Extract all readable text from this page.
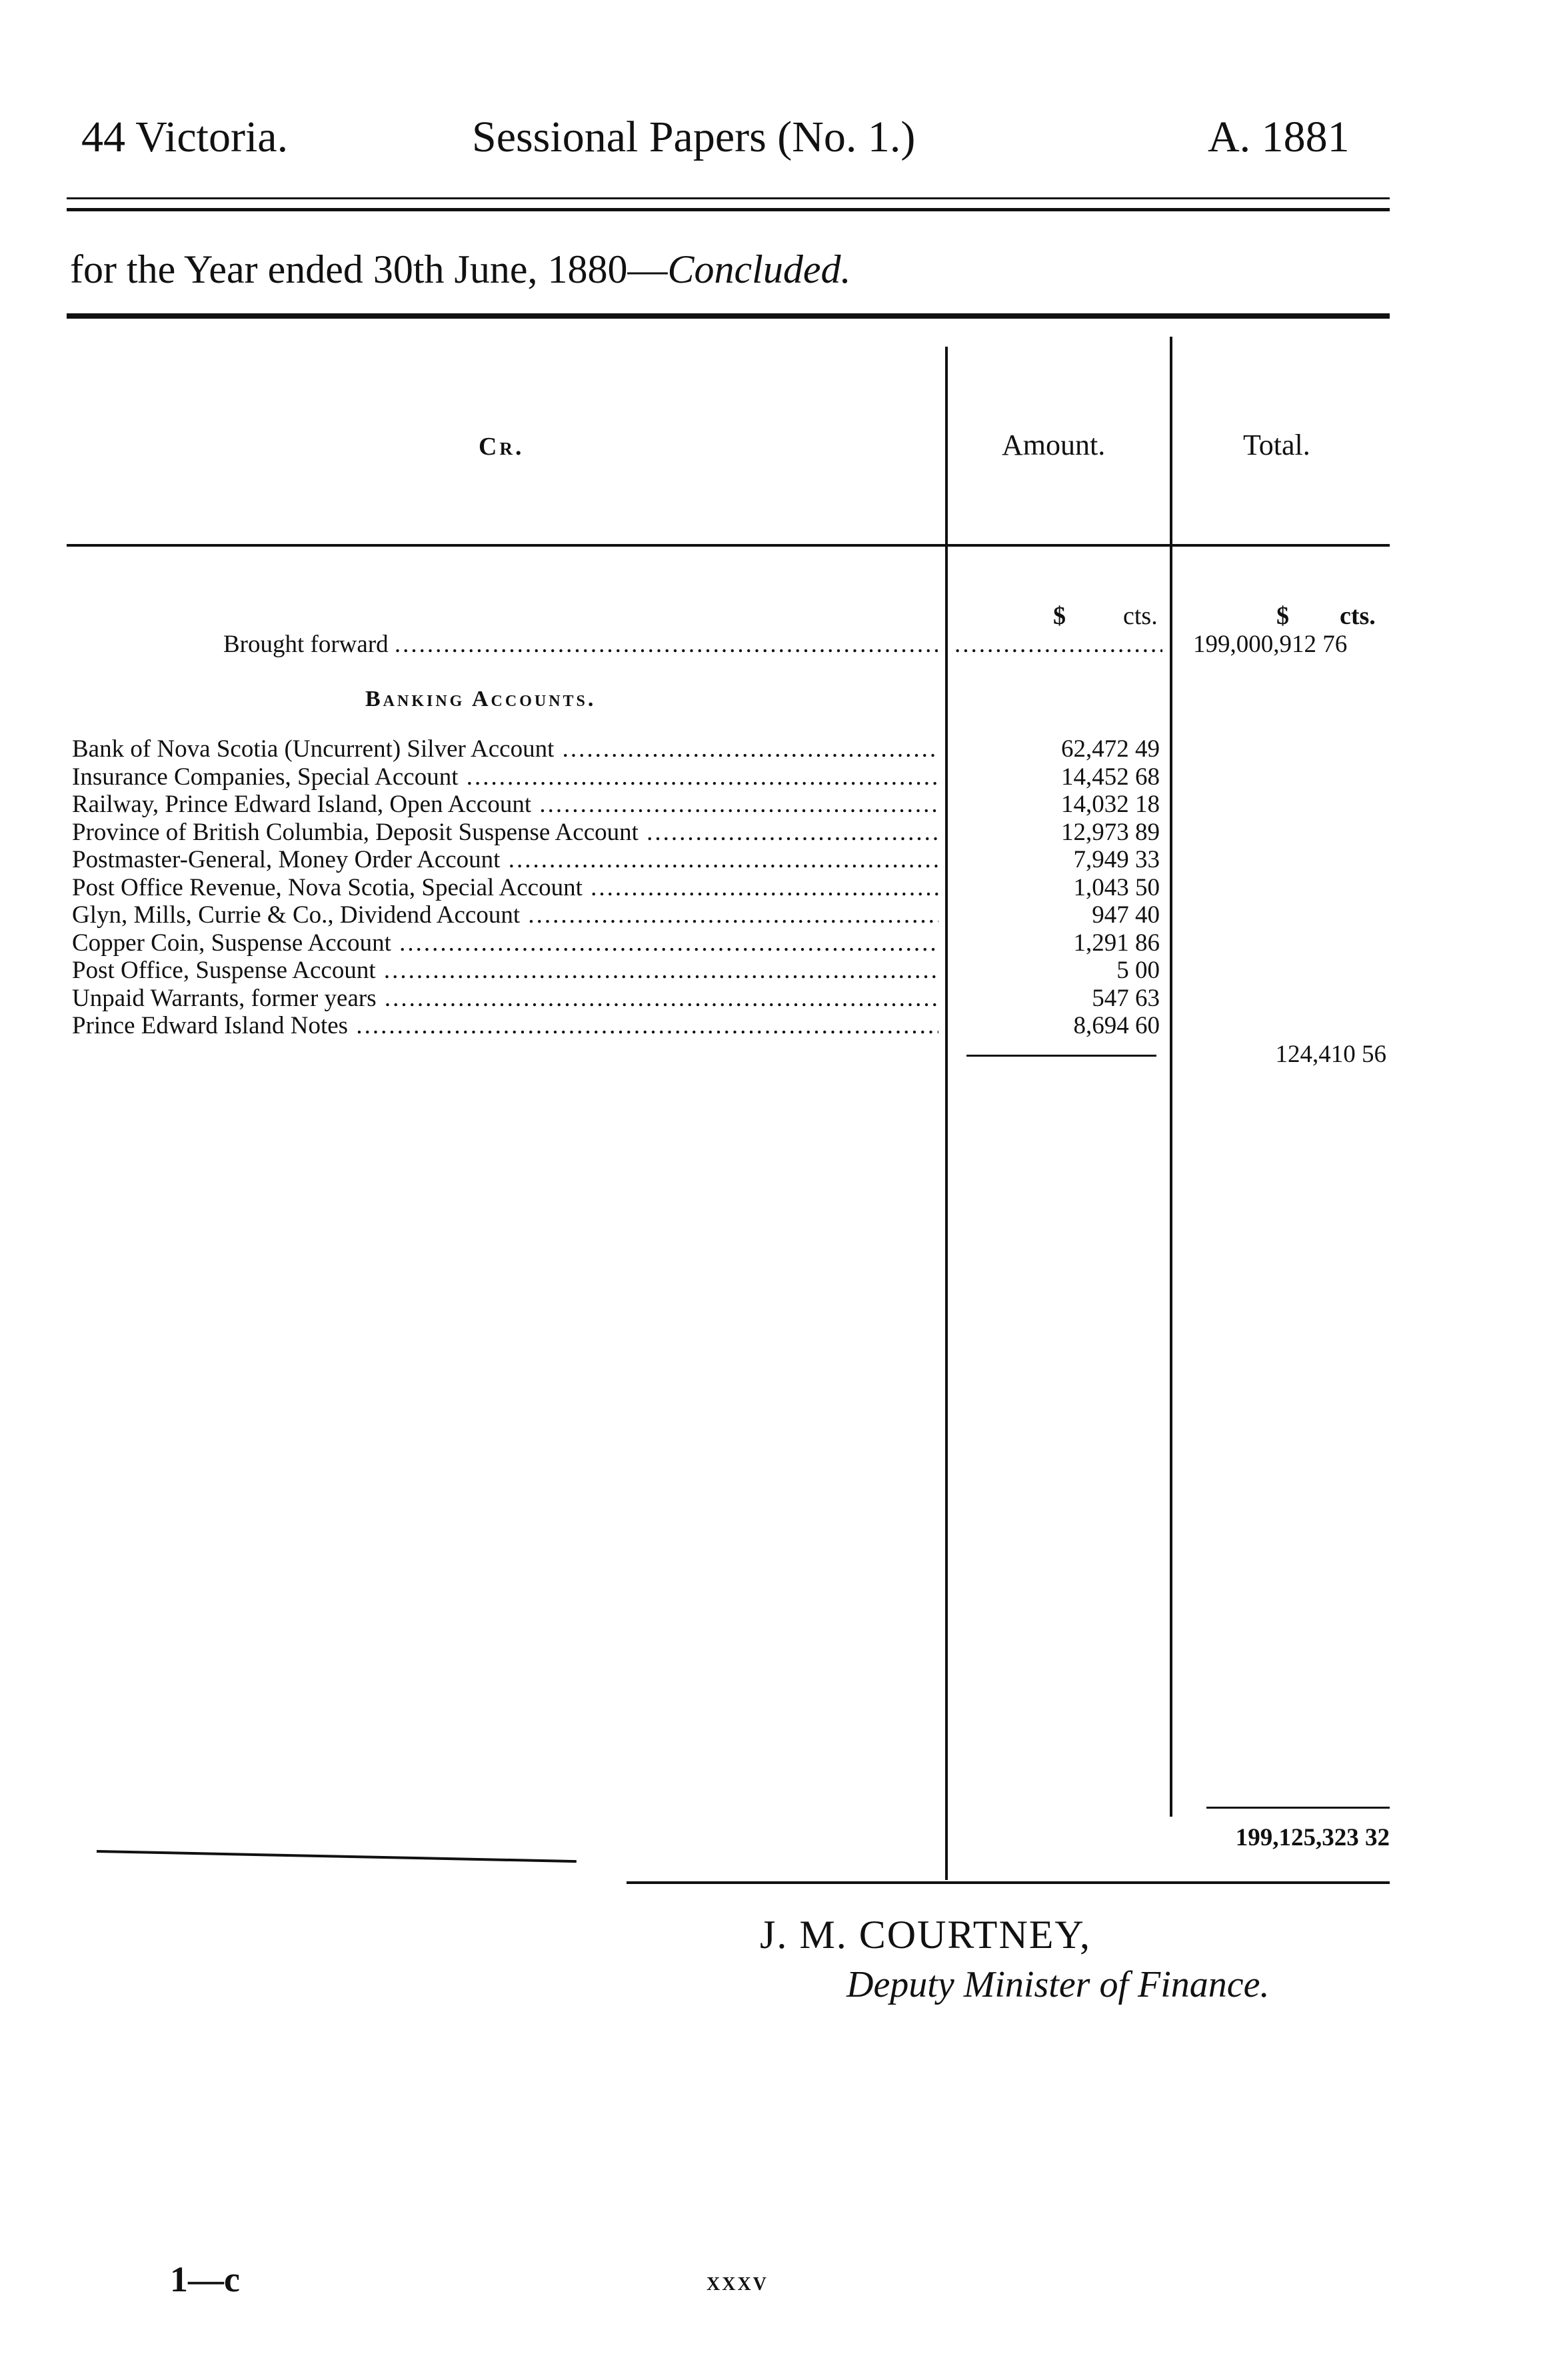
44 Victoria.	Sessional Papers (No. 1.)	A. 1881
for the Year ended 30th June, 1880—Concluded.
Cr.	Amount.	Total.
$ cts.	$ cts.
Brought forward .....
.....	199,000,912 76
Banking Accounts.
Bank of Nova Scotia (Uncurrent) Silver Account .....	62,472 49
Insurance Companies, Special Account .....	14,452 68
Railway, Prince Edward Island, Open Account .....	14,032 18
Province of British Columbia, Deposit Suspense Account .....	12,973 89
Postmaster-General, Money Order Account .....	7,949 33
Post Office Revenue, Nova Scotia, Special Account .....	1,043 50
Glyn, Mills, Currie & Co., Dividend Account .....	947 40
Copper Coin, Suspense Account .....	1,291 86
Post Office, Suspense Account .....	5 00
Unpaid Warrants, former years .....	547 63
Prince Edward Island Notes .....	8,694 60
124,410 56
199,125,323 32
J. M. COURTNEY,
Deputy Minister of Finance.
1—c	xxxv
